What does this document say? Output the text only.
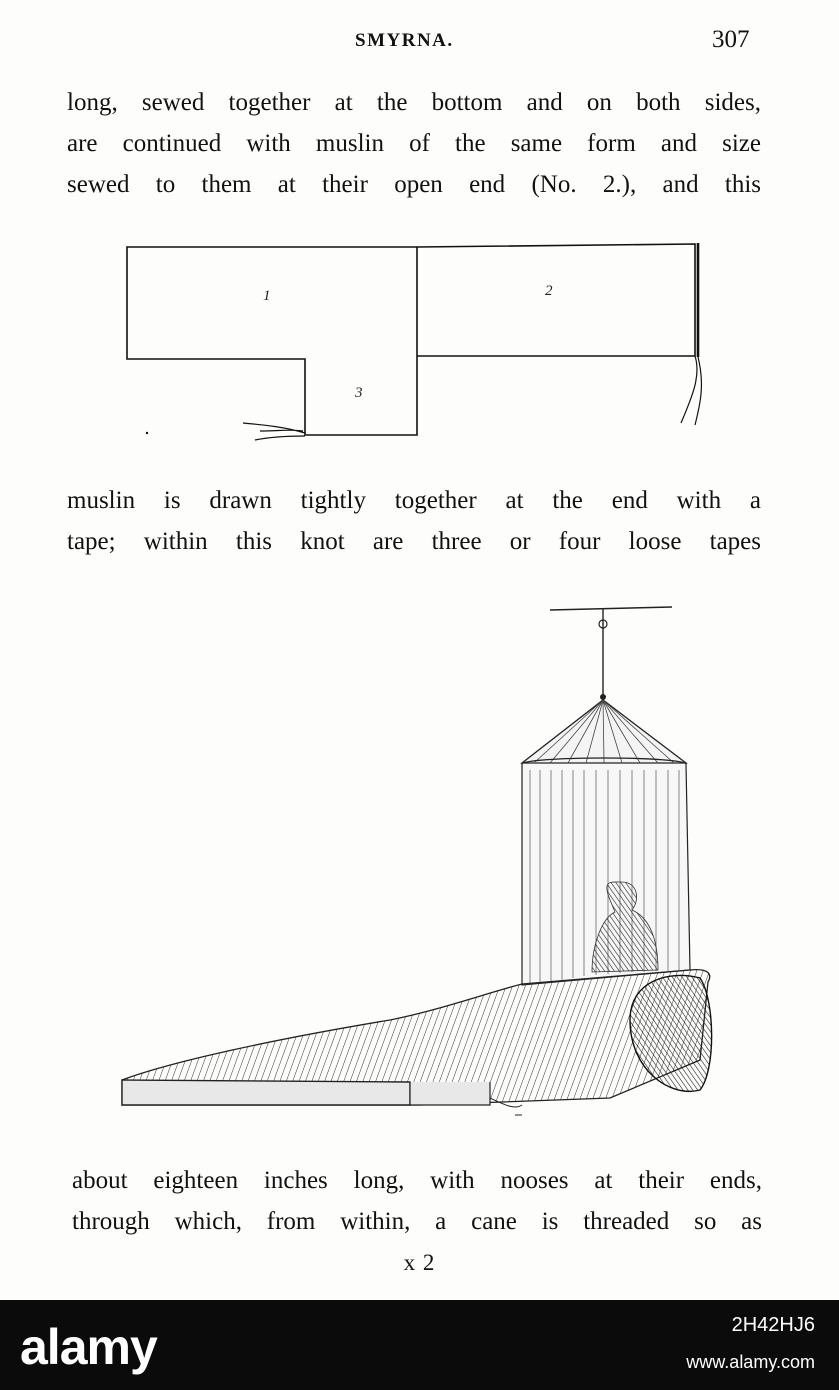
SMYRNA.	307
long, sewed together at the bottom and on both sides,
are continued with muslin of the same form and size
sewed to them at their open end (No. 2.), and this
1	2
3
muslin is drawn tightly together at the end with a
tape; within this knot are three or four loose tapes
about eighteen inches long, with nooses at their ends,
through which, from within, a cane is threaded so as
x 2
alamy	2H42HJ6
www.alamy.com
